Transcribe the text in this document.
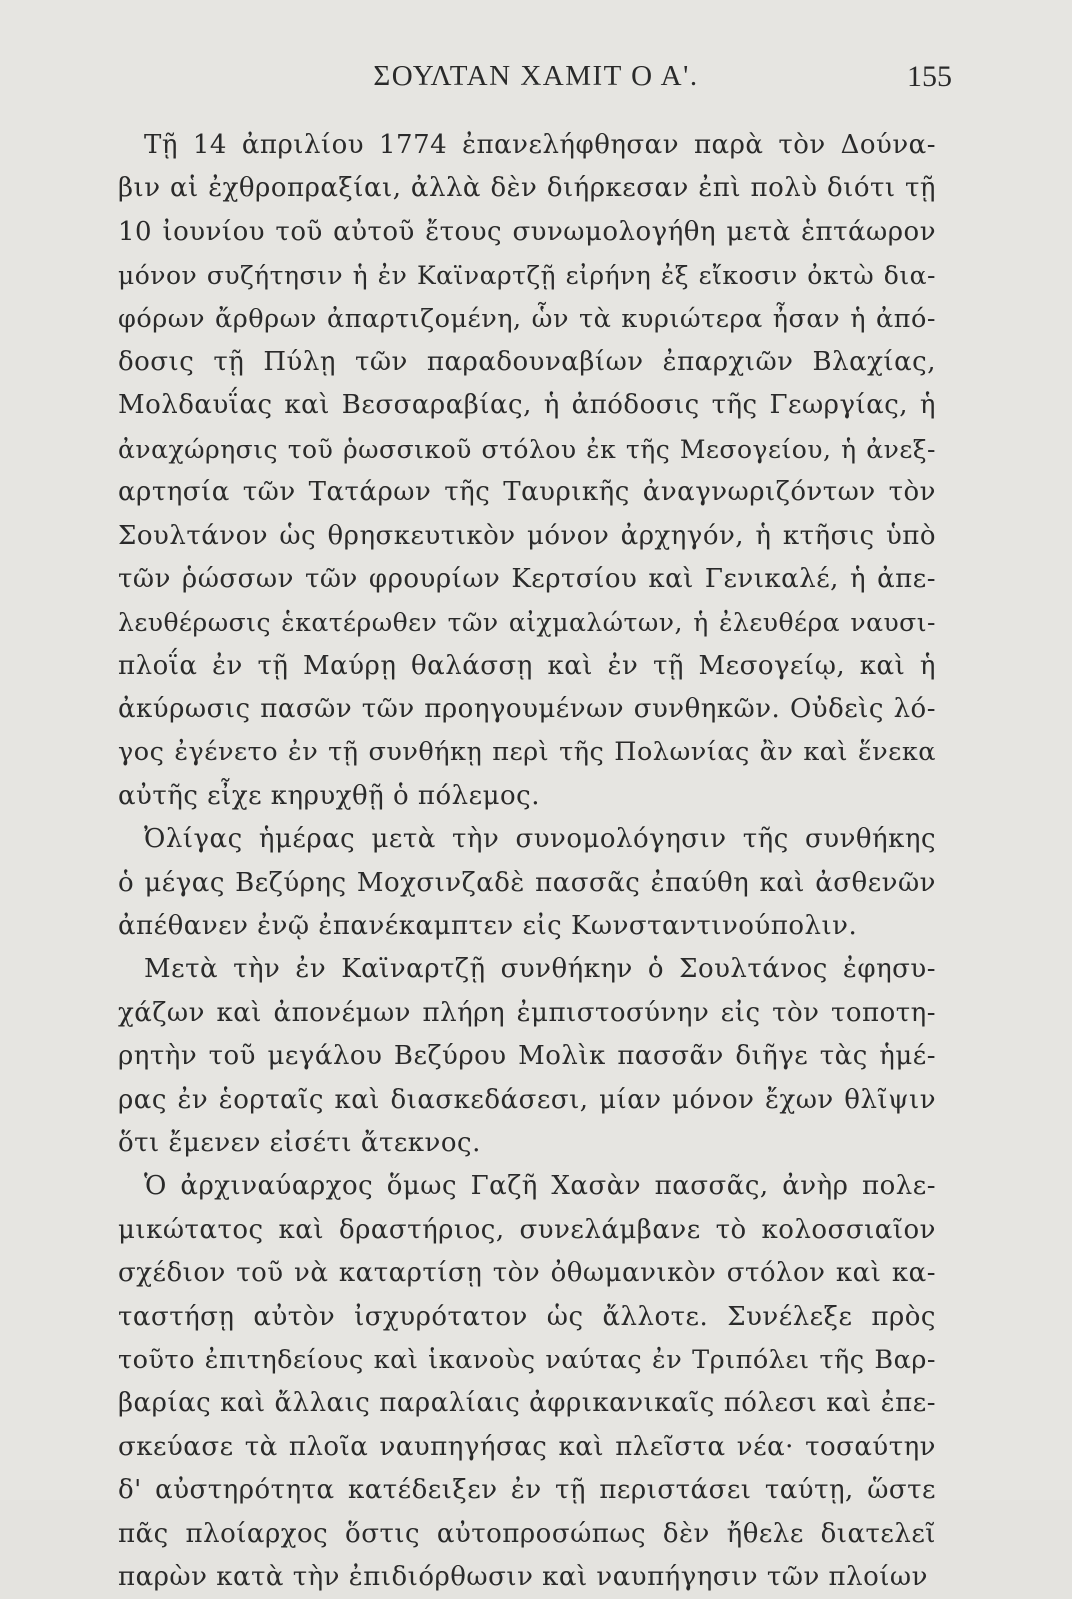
ΣΟΥΛΤΑΝ ΧΑΜΙΤ Ο Α'.	155
Τῇ 14 ἀπριλίου 1774 ἐπανελήφθησαν παρὰ τὸν Δούνα-
βιν αἱ ἐχθροπραξίαι, ἀλλὰ δὲν διήρκεσαν ἐπὶ πολὺ διότι τῇ
10 ἰουνίου τοῦ αὐτοῦ ἔτους συνωμολογήθη μετὰ ἑπτάωρον
μόνον συζήτησιν ἡ ἐν Καϊναρτζῇ εἰρήνη ἐξ εἴκοσιν ὀκτὼ δια-
φόρων ἄρθρων ἀπαρτιζομένη, ὧν τὰ κυριώτερα ἦσαν ἡ ἀπό-
δοσις τῇ Πύλῃ τῶν παραδουναβίων ἐπαρχιῶν Βλαχίας,
Μολδαυΐας καὶ Βεσσαραβίας, ἡ ἀπόδοσις τῆς Γεωργίας, ἡ
ἀναχώρησις τοῦ ῥωσσικοῦ στόλου ἐκ τῆς Μεσογείου, ἡ ἀνεξ-
αρτησία τῶν Τατάρων τῆς Ταυρικῆς ἀναγνωριζόντων τὸν
Σουλτάνον ὡς θρησκευτικὸν μόνον ἀρχηγόν, ἡ κτῆσις ὑπὸ
τῶν ῥώσσων τῶν φρουρίων Κερτσίου καὶ Γενικαλέ, ἡ ἀπε-
λευθέρωσις ἑκατέρωθεν τῶν αἰχμαλώτων, ἡ ἐλευθέρα ναυσι-
πλοΐα ἐν τῇ Μαύρῃ θαλάσσῃ καὶ ἐν τῇ Μεσογείῳ, καὶ ἡ
ἀκύρωσις πασῶν τῶν προηγουμένων συνθηκῶν. Οὐδεὶς λό-
γος ἐγένετο ἐν τῇ συνθήκῃ περὶ τῆς Πολωνίας ἂν καὶ ἕνεκα
αὐτῆς εἶχε κηρυχθῇ ὁ πόλεμος.
Ὀλίγας ἡμέρας μετὰ τὴν συνομολόγησιν τῆς συνθήκης
ὁ μέγας Βεζύρης Μοχσινζαδὲ πασσᾶς ἐπαύθη καὶ ἀσθενῶν
ἀπέθανεν ἐνῷ ἐπανέκαμπτεν εἰς Κωνσταντινούπολιν.
Μετὰ τὴν ἐν Καϊναρτζῇ συνθήκην ὁ Σουλτάνος ἐφησυ-
χάζων καὶ ἀπονέμων πλήρη ἐμπιστοσύνην εἰς τὸν τοποτη-
ρητὴν τοῦ μεγάλου Βεζύρου Μολὶκ πασσᾶν διῆγε τὰς ἡμέ-
ρας ἐν ἑορταῖς καὶ διασκεδάσεσι, μίαν μόνον ἔχων θλῖψιν
ὅτι ἔμενεν εἰσέτι ἄτεκνος.
Ὁ ἀρχιναύαρχος ὅμως Γαζῆ Χασὰν πασσᾶς, ἀνὴρ πολε-
μικώτατος καὶ δραστήριος, συνελάμβανε τὸ κολοσσιαῖον
σχέδιον τοῦ νὰ καταρτίσῃ τὸν ὀθωμανικὸν στόλον καὶ κα-
ταστήσῃ αὐτὸν ἰσχυρότατον ὡς ἄλλοτε. Συνέλεξε πρὸς
τοῦτο ἐπιτηδείους καὶ ἱκανοὺς ναύτας ἐν Τριπόλει τῆς Βαρ-
βαρίας καὶ ἄλλαις παραλίαις ἀφρικανικαῖς πόλεσι καὶ ἐπε-
σκεύασε τὰ πλοῖα ναυπηγήσας καὶ πλεῖστα νέα· τοσαύτην
δ' αὐστηρότητα κατέδειξεν ἐν τῇ περιστάσει ταύτῃ, ὥστε
πᾶς πλοίαρχος ὅστις αὐτοπροσώπως δὲν ἤθελε διατελεῖ
παρὼν κατὰ τὴν ἐπιδιόρθωσιν καὶ ναυπήγησιν τῶν πλοίων
